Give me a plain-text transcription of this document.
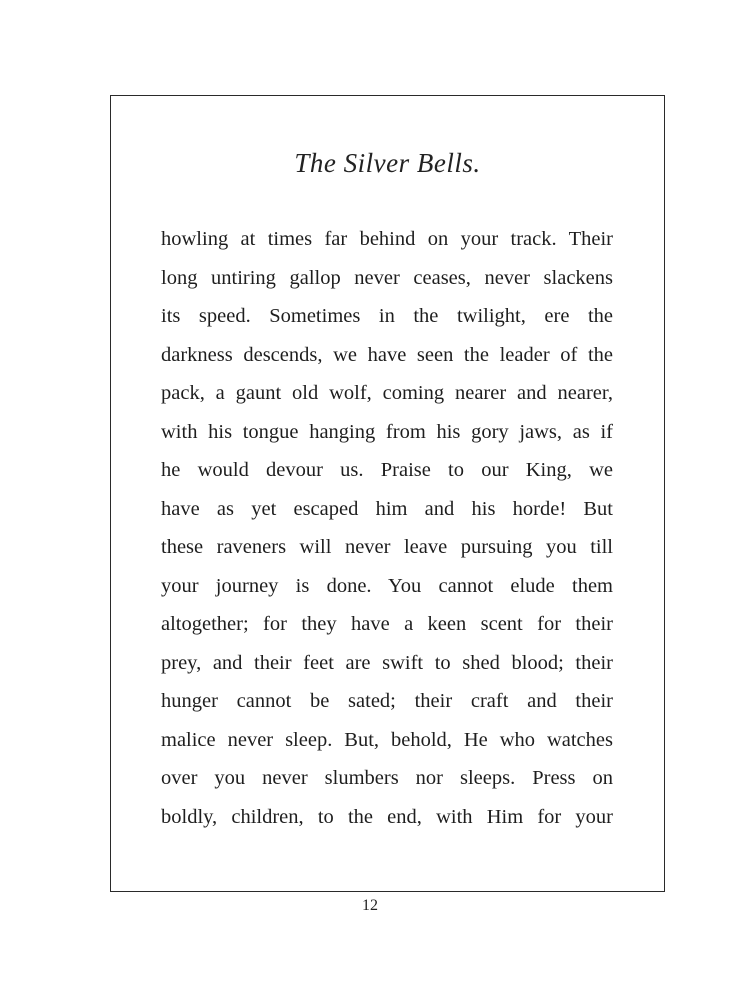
The Silver Bells.
howling at times far behind on your track. Their
long untiring gallop never ceases, never slackens
its speed. Sometimes in the twilight, ere the
darkness descends, we have seen the leader of the
pack, a gaunt old wolf, coming nearer and nearer,
with his tongue hanging from his gory jaws, as if
he would devour us. Praise to our King, we
have as yet escaped him and his horde! But
these raveners will never leave pursuing you till
your journey is done. You cannot elude them
altogether; for they have a keen scent for their
prey, and their feet are swift to shed blood; their
hunger cannot be sated; their craft and their
malice never sleep. But, behold, He who watches
over you never slumbers nor sleeps. Press on
boldly, children, to the end, with Him for your
12
